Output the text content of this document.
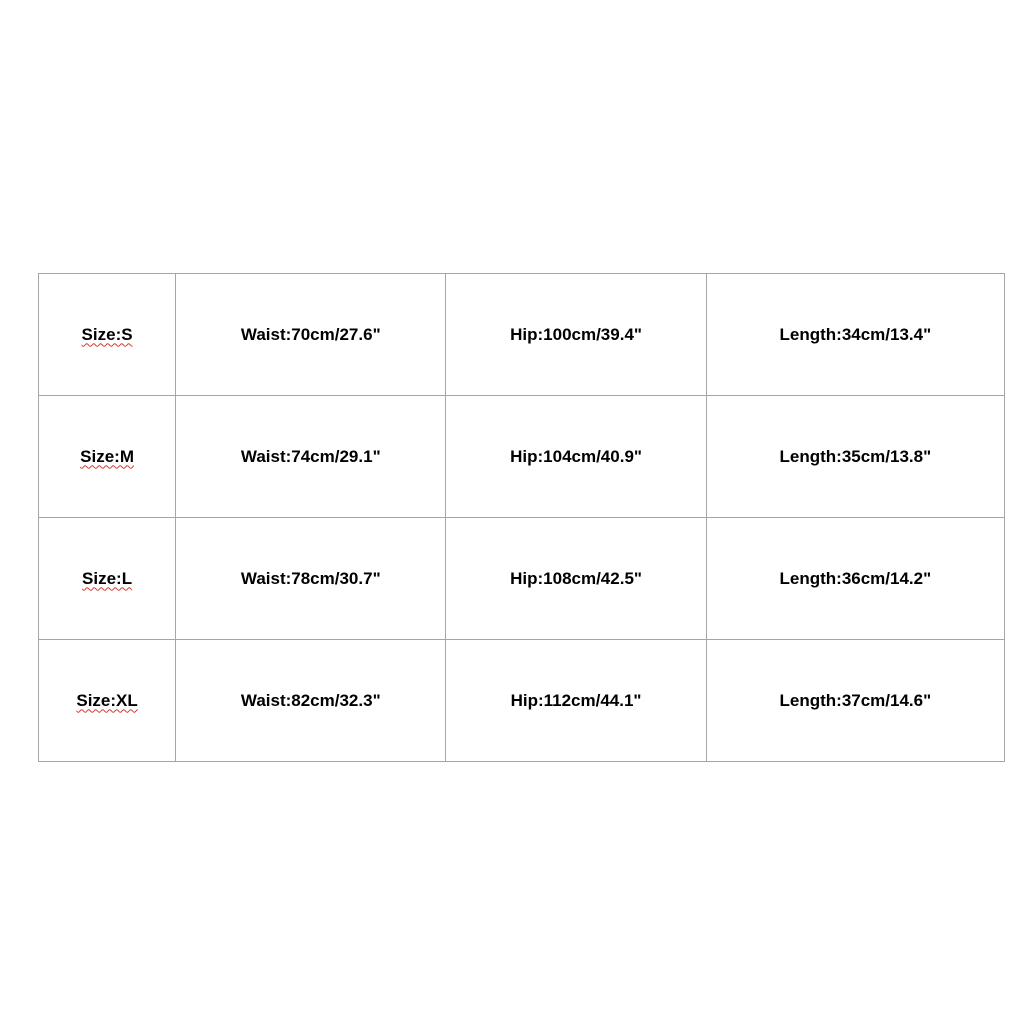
Size:S	Waist:70cm/27.6"	Hip:100cm/39.4"	Length:34cm/13.4"
Size:M	Waist:74cm/29.1"	Hip:104cm/40.9"	Length:35cm/13.8"
Size:L	Waist:78cm/30.7"	Hip:108cm/42.5"	Length:36cm/14.2"
Size:XL	Waist:82cm/32.3"	Hip:112cm/44.1"	Length:37cm/14.6"
